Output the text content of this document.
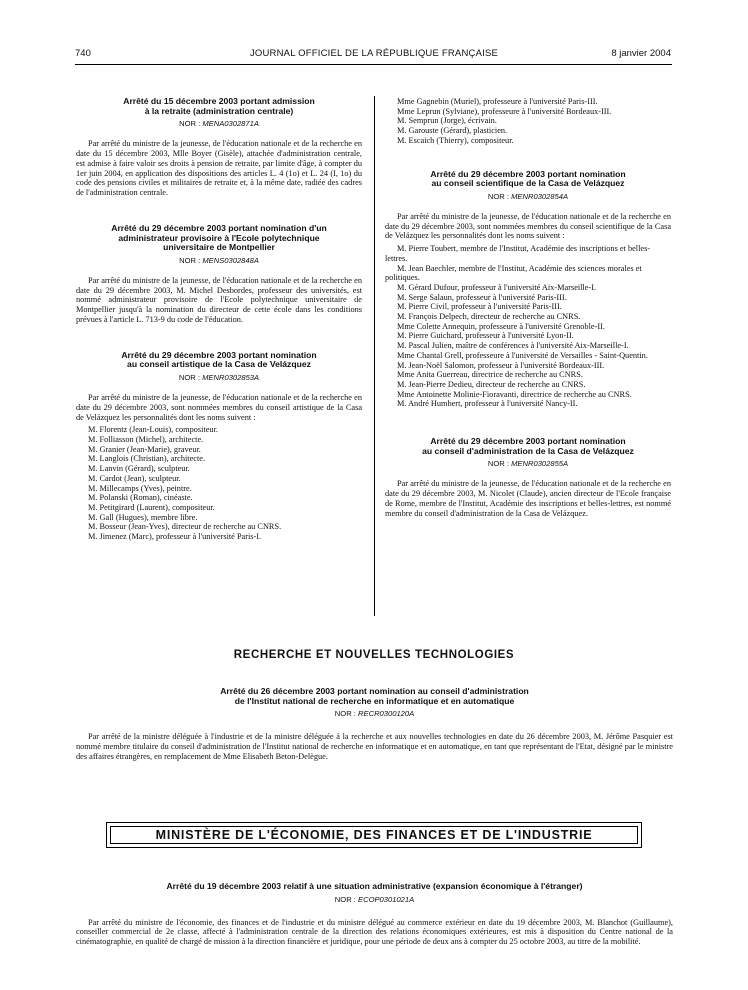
740	JOURNAL OFFICIEL DE LA RÉPUBLIQUE FRANÇAISE	8 janvier 2004

Arrêté du 15 décembre 2003 portant admission
à la retraite (administration centrale)

NOR : MENA0302871A

Par arrêté du ministre de la jeunesse, de l'éducation nationale et de la recherche en date du 15 décembre 2003, Mlle Boyer (Gisèle), attachée d'administration centrale, est admise à faire valoir ses droits à pension de retraite, par limite d'âge, à compter du 1er juin 2004, en application des dispositions des articles L. 4 (1o) et L. 24 (I, 1o) du code des pensions civiles et militaires de retraite et, à la même date, radiée des cadres de l'administration centrale.

Arrêté du 29 décembre 2003 portant nomination d'un
administrateur provisoire à l'Ecole polytechnique
universitaire de Montpellier

NOR : MENS0302848A

Par arrêté du ministre de la jeunesse, de l'éducation nationale et de la recherche en date du 29 décembre 2003, M. Michel Desbordes, professeur des universités, est nommé administrateur provisoire de l'Ecole polytechnique universitaire de Montpellier jusqu'à la nomination du directeur de cette école dans les conditions prévues à l'article L. 713-9 du code de l'éducation.

Arrêté du 29 décembre 2003 portant nomination
au conseil artistique de la Casa de Velázquez

NOR : MENR0302853A

Par arrêté du ministre de la jeunesse, de l'éducation nationale et de la recherche en date du 29 décembre 2003, sont nommées membres du conseil artistique de la Casa de Velázquez les personnalités dont les noms suivent :

M. Florentz (Jean-Louis), compositeur.
M. Folliasson (Michel), architecte.
M. Granier (Jean-Marie), graveur.
M. Langlois (Christian), architecte.
M. Lanvin (Gérard), sculpteur.
M. Cardot (Jean), sculpteur.
M. Millecamps (Yves), peintre.
M. Polanski (Roman), cinéaste.
M. Petitgirard (Laurent), compositeur.
M. Gall (Hugues), membre libre.
M. Bosseur (Jean-Yves), directeur de recherche au CNRS.
M. Jimenez (Marc), professeur à l'université Paris-I.
Mme Gagnebin (Muriel), professeure à l'université Paris-III.
Mme Leprun (Sylviane), professeure à l'université Bordeaux-III.
M. Semprun (Jorge), écrivain.
M. Garouste (Gérard), plasticien.
M. Escaich (Thierry), compositeur.

Arrêté du 29 décembre 2003 portant nomination
au conseil scientifique de la Casa de Velázquez

NOR : MENR0302854A

Par arrêté du ministre de la jeunesse, de l'éducation nationale et de la recherche en date du 29 décembre 2003, sont nommées membres du conseil scientifique de la Casa de Velázquez les personnalités dont les noms suivent :

M. Pierre Toubert, membre de l'Institut, Académie des inscriptions et belles-lettres.
M. Jean Baechler, membre de l'Institut, Académie des sciences morales et politiques.
M. Gérard Dufour, professeur à l'université Aix-Marseille-I.
M. Serge Salaun, professeur à l'université Paris-III.
M. Pierre Civil, professeur à l'université Paris-III.
M. François Delpech, directeur de recherche au CNRS.
Mme Colette Annequin, professeure à l'université Grenoble-II.
M. Pierre Guichard, professeur à l'université Lyon-II.
M. Pascal Julien, maître de conférences à l'université Aix-Marseille-I.
Mme Chantal Grell, professeure à l'université de Versailles - Saint-Quentin.
M. Jean-Noël Salomon, professeur à l'université Bordeaux-III.
Mme Anita Guerreau, directrice de recherche au CNRS.
M. Jean-Pierre Dedieu, directeur de recherche au CNRS.
Mme Antoinette Molinie-Fioravanti, directrice de recherche au CNRS.
M. André Humbert, professeur à l'université Nancy-II.

Arrêté du 29 décembre 2003 portant nomination
au conseil d'administration de la Casa de Velázquez

NOR : MENR0302855A

Par arrêté du ministre de la jeunesse, de l'éducation nationale et de la recherche en date du 29 décembre 2003, M. Nicolet (Claude), ancien directeur de l'Ecole française de Rome, membre de l'Institut, Académie des inscriptions et belles-lettres, est nommé membre du conseil d'administration de la Casa de Velázquez.

RECHERCHE ET NOUVELLES TECHNOLOGIES

Arrêté du 26 décembre 2003 portant nomination au conseil d'administration
de l'Institut national de recherche en informatique et en automatique

NOR : RECR0300120A

Par arrêté de la ministre déléguée à l'industrie et de la ministre déléguée à la recherche et aux nouvelles technologies en date du 26 décembre 2003, M. Jérôme Pasquier est nommé membre titulaire du conseil d'administration de l'Institut national de recherche en informatique et en automatique, en tant que représentant de l'Etat, désigné par le ministre des affaires étrangères, en remplacement de Mme Elisabeth Beton-Delègue.

MINISTÈRE DE L'ÉCONOMIE, DES FINANCES ET DE L'INDUSTRIE

Arrêté du 19 décembre 2003 relatif à une situation administrative (expansion économique à l'étranger)

NOR : ECOP0301021A

Par arrêté du ministre de l'économie, des finances et de l'industrie et du ministre délégué au commerce extérieur en date du 19 décembre 2003, M. Blanchot (Guillaume), conseiller commercial de 2e classe, affecté à l'administration centrale de la direction des relations économiques extérieures, est mis à disposition du Centre national de la cinématographie, en qualité de chargé de mission à la direction financière et juridique, pour une période de deux ans à compter du 25 octobre 2003, au titre de la mobilité.
